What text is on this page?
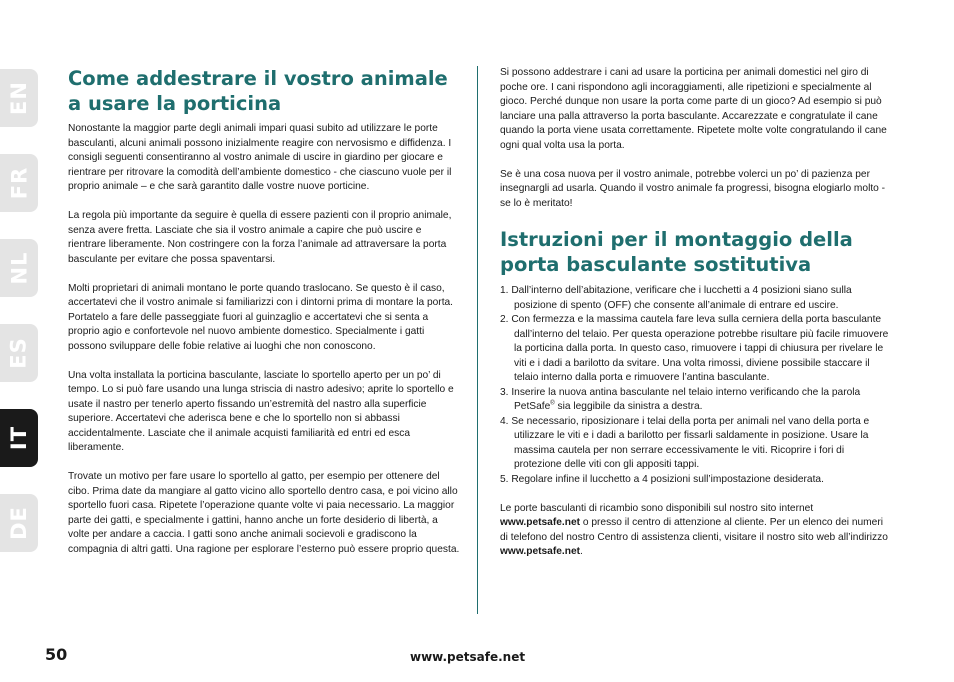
EN
FR
NL
ES
IT
DE
Come addestrare il vostro animale a usare la porticina

Nonostante la maggior parte degli animali impari quasi subito ad utilizzare le porte basculanti, alcuni animali possono inizialmente reagire con nervosismo e diffidenza. I consigli seguenti consentiranno al vostro animale di uscire in giardino per giocare e rientrare per ritrovare la comodità dell’ambiente domestico - che ciascuno vuole per il proprio animale – e che sarà garantito dalle vostre nuove porticine.

La regola più importante da seguire è quella di essere pazienti con il proprio animale, senza avere fretta. Lasciate che sia il vostro animale a capire che può uscire e rientrare liberamente. Non costringere con la forza l’animale ad attraversare la porta basculante per evitare che possa spaventarsi.

Molti proprietari di animali montano le porte quando traslocano. Se questo è il caso, accertatevi che il vostro animale si familiarizzi con i dintorni prima di montare la porta. Portatelo a fare delle passeggiate fuori al guinzaglio e accertatevi che si senta a proprio agio e confortevole nel nuovo ambiente domestico. Specialmente i gatti possono sviluppare delle fobie relative ai luoghi che non conoscono.

Una volta installata la porticina basculante, lasciate lo sportello aperto per un po’ di tempo. Lo si può fare usando una lunga striscia di nastro adesivo; aprite lo sportello e usate il nastro per tenerlo aperto fissando un’estremità del nastro alla superficie superiore. Accertatevi che aderisca bene e che lo sportello non si abbassi accidentalmente. Lasciate che il animale acquisti familiarità ed entri ed esca liberamente.

Trovate un motivo per fare usare lo sportello al gatto, per esempio per ottenere del cibo. Prima date da mangiare al gatto vicino allo sportello dentro casa, e poi vicino allo sportello fuori casa. Ripetete l’operazione quante volte vi paia necessario. La maggior parte dei gatti, e specialmente i gattini, hanno anche un forte desiderio di libertà, a volte per andare a caccia. I gatti sono anche animali socievoli e gradiscono la compagnia di altri gatti. Una ragione per esplorare l’esterno può essere proprio questa.

Si possono addestrare i cani ad usare la porticina per animali domestici nel giro di poche ore. I cani rispondono agli incoraggiamenti, alle ripetizioni e specialmente al gioco. Perché dunque non usare la porta come parte di un gioco? Ad esempio si può lanciare una palla attraverso la porta basculante. Accarezzate e congratulate il cane quando la porta viene usata correttamente. Ripetete molte volte congratulando il cane ogni qual volta usa la porta.

Se è una cosa nuova per il vostro animale, potrebbe volerci un po’ di pazienza per insegnargli ad usarla. Quando il vostro animale fa progressi, bisogna elogiarlo molto - se lo è meritato!

Istruzioni per il montaggio della porta basculante sostitutiva
1. Dall’interno dell’abitazione, verificare che i lucchetti a 4 posizioni siano sulla posizione di spento (OFF) che consente all’animale di entrare ed uscire.
2. Con fermezza e la massima cautela fare leva sulla cerniera della porta basculante dall’interno del telaio. Per questa operazione potrebbe risultare più facile rimuovere la porticina dalla porta. In questo caso, rimuovere i tappi di chiusura per rivelare le viti e i dadi a barilotto da svitare. Una volta rimossi, diviene possibile staccare il telaio interno dalla porta e rimuovere l’antina basculante.
3. Inserire la nuova antina basculante nel telaio interno verificando che la parola PetSafe® sia leggibile da sinistra a destra.
4. Se necessario, riposizionare i telai della porta per animali nel vano della porta e utilizzare le viti e i dadi a barilotto per fissarli saldamente in posizione. Usare la massima cautela per non serrare eccessivamente le viti. Ricoprire i fori di protezione delle viti con gli appositi tappi.
5. Regolare infine il lucchetto a 4 posizioni sull’impostazione desiderata.

Le porte basculanti di ricambio sono disponibili sul nostro sito internet www.petsafe.net o presso il centro di attenzione al cliente. Per un elenco dei numeri di telefono del nostro Centro di assistenza clienti, visitare il nostro sito web all’indirizzo www.petsafe.net.

50	www.petsafe.net
